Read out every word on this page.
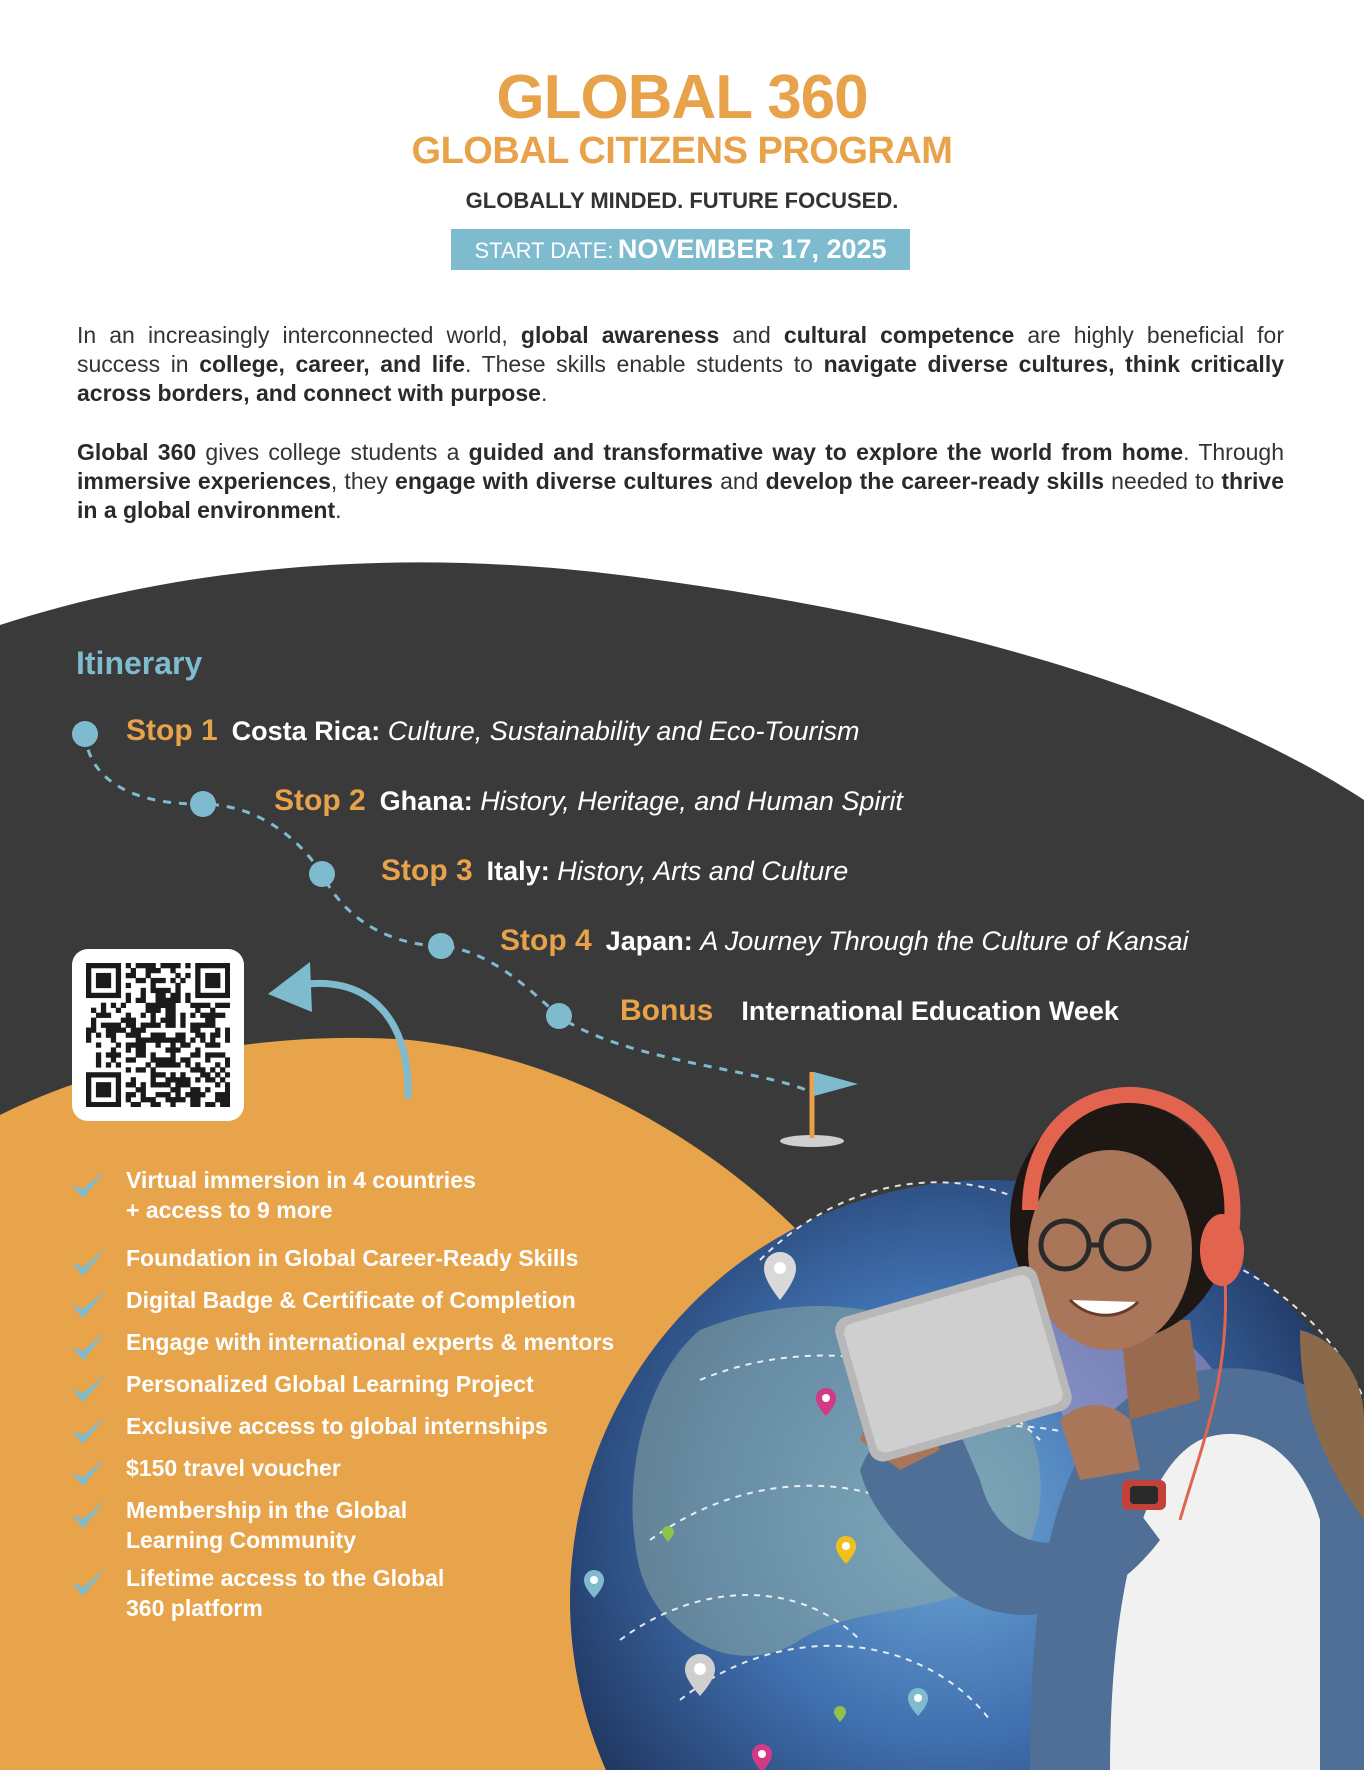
GLOBAL 360
GLOBAL CITIZENS PROGRAM
GLOBALLY MINDED. FUTURE FOCUSED.
START DATE: NOVEMBER 17, 2025
In an increasingly interconnected world, global awareness and cultural competence are highly beneficial for success in college, career, and life. These skills enable students to navigate diverse cultures, think critically across borders, and connect with purpose.
Global 360 gives college students a guided and transformative way to explore the world from home. Through immersive experiences, they engage with diverse cultures and develop the career-ready skills needed to thrive in a global environment.
Itinerary
Stop 1 Costa Rica: Culture, Sustainability and Eco-Tourism
Stop 2 Ghana: History, Heritage, and Human Spirit
Stop 3 Italy: History, Arts and Culture
Stop 4 Japan: A Journey Through the Culture of Kansai
Bonus International Education Week
Virtual immersion in 4 countries
+ access to 9 more
Foundation in Global Career-Ready Skills
Digital Badge & Certificate of Completion
Engage with international experts & mentors
Personalized Global Learning Project
Exclusive access to global internships
$150 travel voucher
Membership in the Global
Learning Community
Lifetime access to the Global
360 platform
